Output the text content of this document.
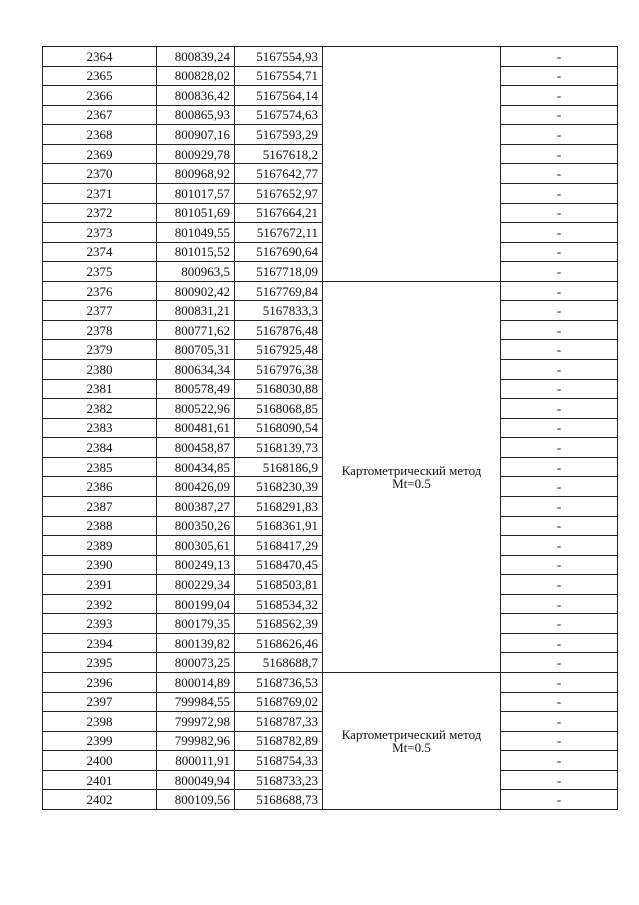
2364	800839,24	5167554,93		-
2365	800828,02	5167554,71		-
2366	800836,42	5167564,14		-
2367	800865,93	5167574,63		-
2368	800907,16	5167593,29		-
2369	800929,78	5167618,2		-
2370	800968,92	5167642,77		-
2371	801017,57	5167652,97		-
2372	801051,69	5167664,21		-
2373	801049,55	5167672,11		-
2374	801015,52	5167690,64		-
2375	800963,5	5167718,09		-
2376	800902,42	5167769,84	Картометрический метод Mt=0.5	-
2377	800831,21	5167833,3		-
2378	800771,62	5167876,48		-
2379	800705,31	5167925,48		-
2380	800634,34	5167976,38		-
2381	800578,49	5168030,88		-
2382	800522,96	5168068,85		-
2383	800481,61	5168090,54		-
2384	800458,87	5168139,73		-
2385	800434,85	5168186,9		-
2386	800426,09	5168230,39		-
2387	800387,27	5168291,83		-
2388	800350,26	5168361,91		-
2389	800305,61	5168417,29		-
2390	800249,13	5168470,45		-
2391	800229,34	5168503,81		-
2392	800199,04	5168534,32		-
2393	800179,35	5168562,39		-
2394	800139,82	5168626,46		-
2395	800073,25	5168688,7		-
2396	800014,89	5168736,53	Картометрический метод Mt=0.5	-
2397	799984,55	5168769,02		-
2398	799972,98	5168787,33		-
2399	799982,96	5168782,89		-
2400	800011,91	5168754,33		-
2401	800049,94	5168733,23		-
2402	800109,56	5168688,73		-
